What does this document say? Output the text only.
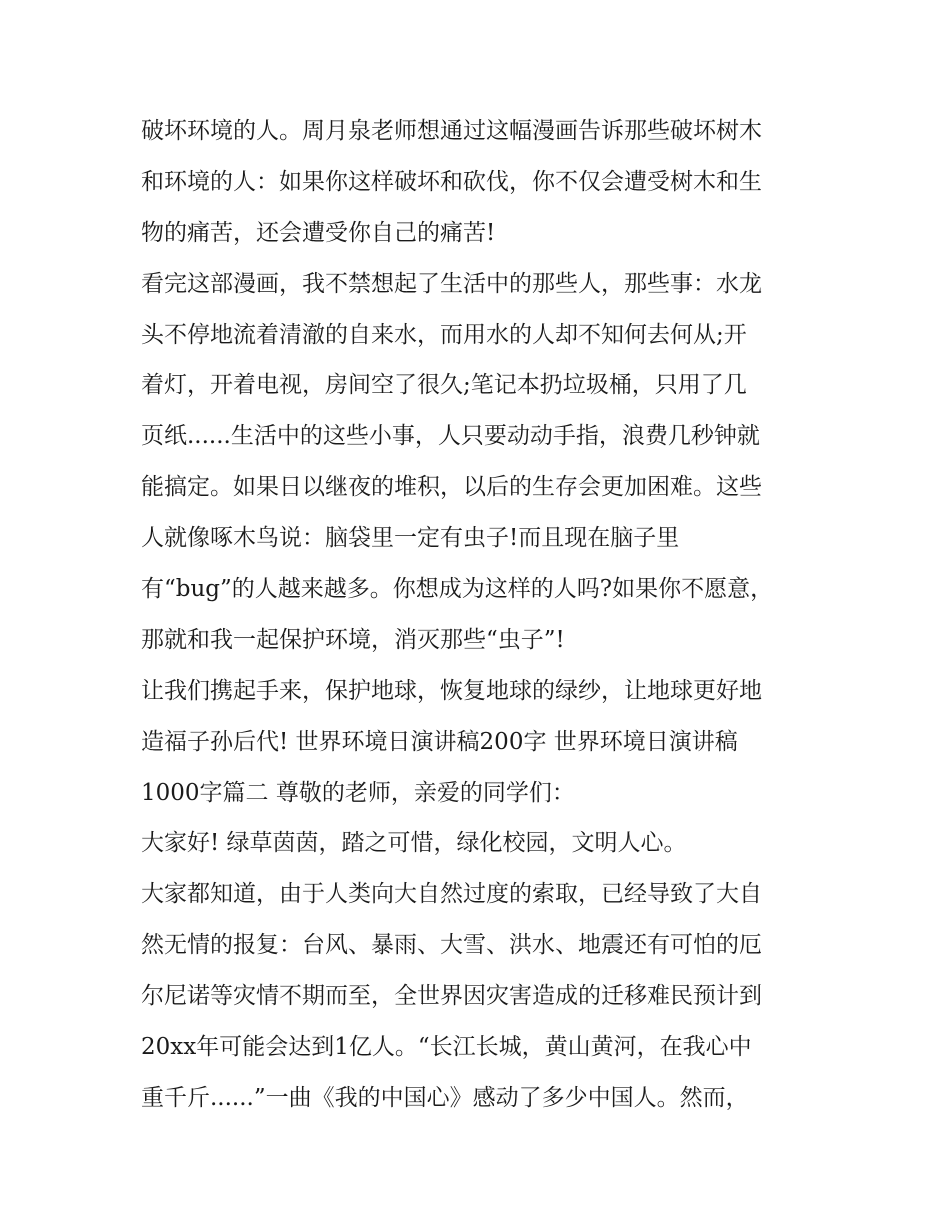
破坏环境的人。周月泉老师想通过这幅漫画告诉那些破坏树木
和环境的人：如果你这样破坏和砍伐，你不仅会遭受树木和生
物的痛苦，还会遭受你自己的痛苦!
看完这部漫画，我不禁想起了生活中的那些人，那些事：水龙
头不停地流着清澈的自来水，而用水的人却不知何去何从;开
着灯，开着电视，房间空了很久;笔记本扔垃圾桶，只用了几
页纸......生活中的这些小事，人只要动动手指，浪费几秒钟就
能搞定。如果日以继夜的堆积，以后的生存会更加困难。这些
人就像啄木鸟说：脑袋里一定有虫子!而且现在脑子里
有“bug”的人越来越多。你想成为这样的人吗?如果你不愿意，
那就和我一起保护环境，消灭那些“虫子”!
让我们携起手来，保护地球，恢复地球的绿纱，让地球更好地
造福子孙后代! 世界环境日演讲稿200字 世界环境日演讲稿
1000字篇二 尊敬的老师，亲爱的同学们：
大家好! 绿草茵茵，踏之可惜，绿化校园，文明人心。
大家都知道，由于人类向大自然过度的索取，已经导致了大自
然无情的报复：台风、暴雨、大雪、洪水、地震还有可怕的厄
尔尼诺等灾情不期而至，全世界因灾害造成的迁移难民预计到
20xx年可能会达到1亿人。“长江长城，黄山黄河，在我心中
重千斤......”一曲《我的中国心》感动了多少中国人。然而，
